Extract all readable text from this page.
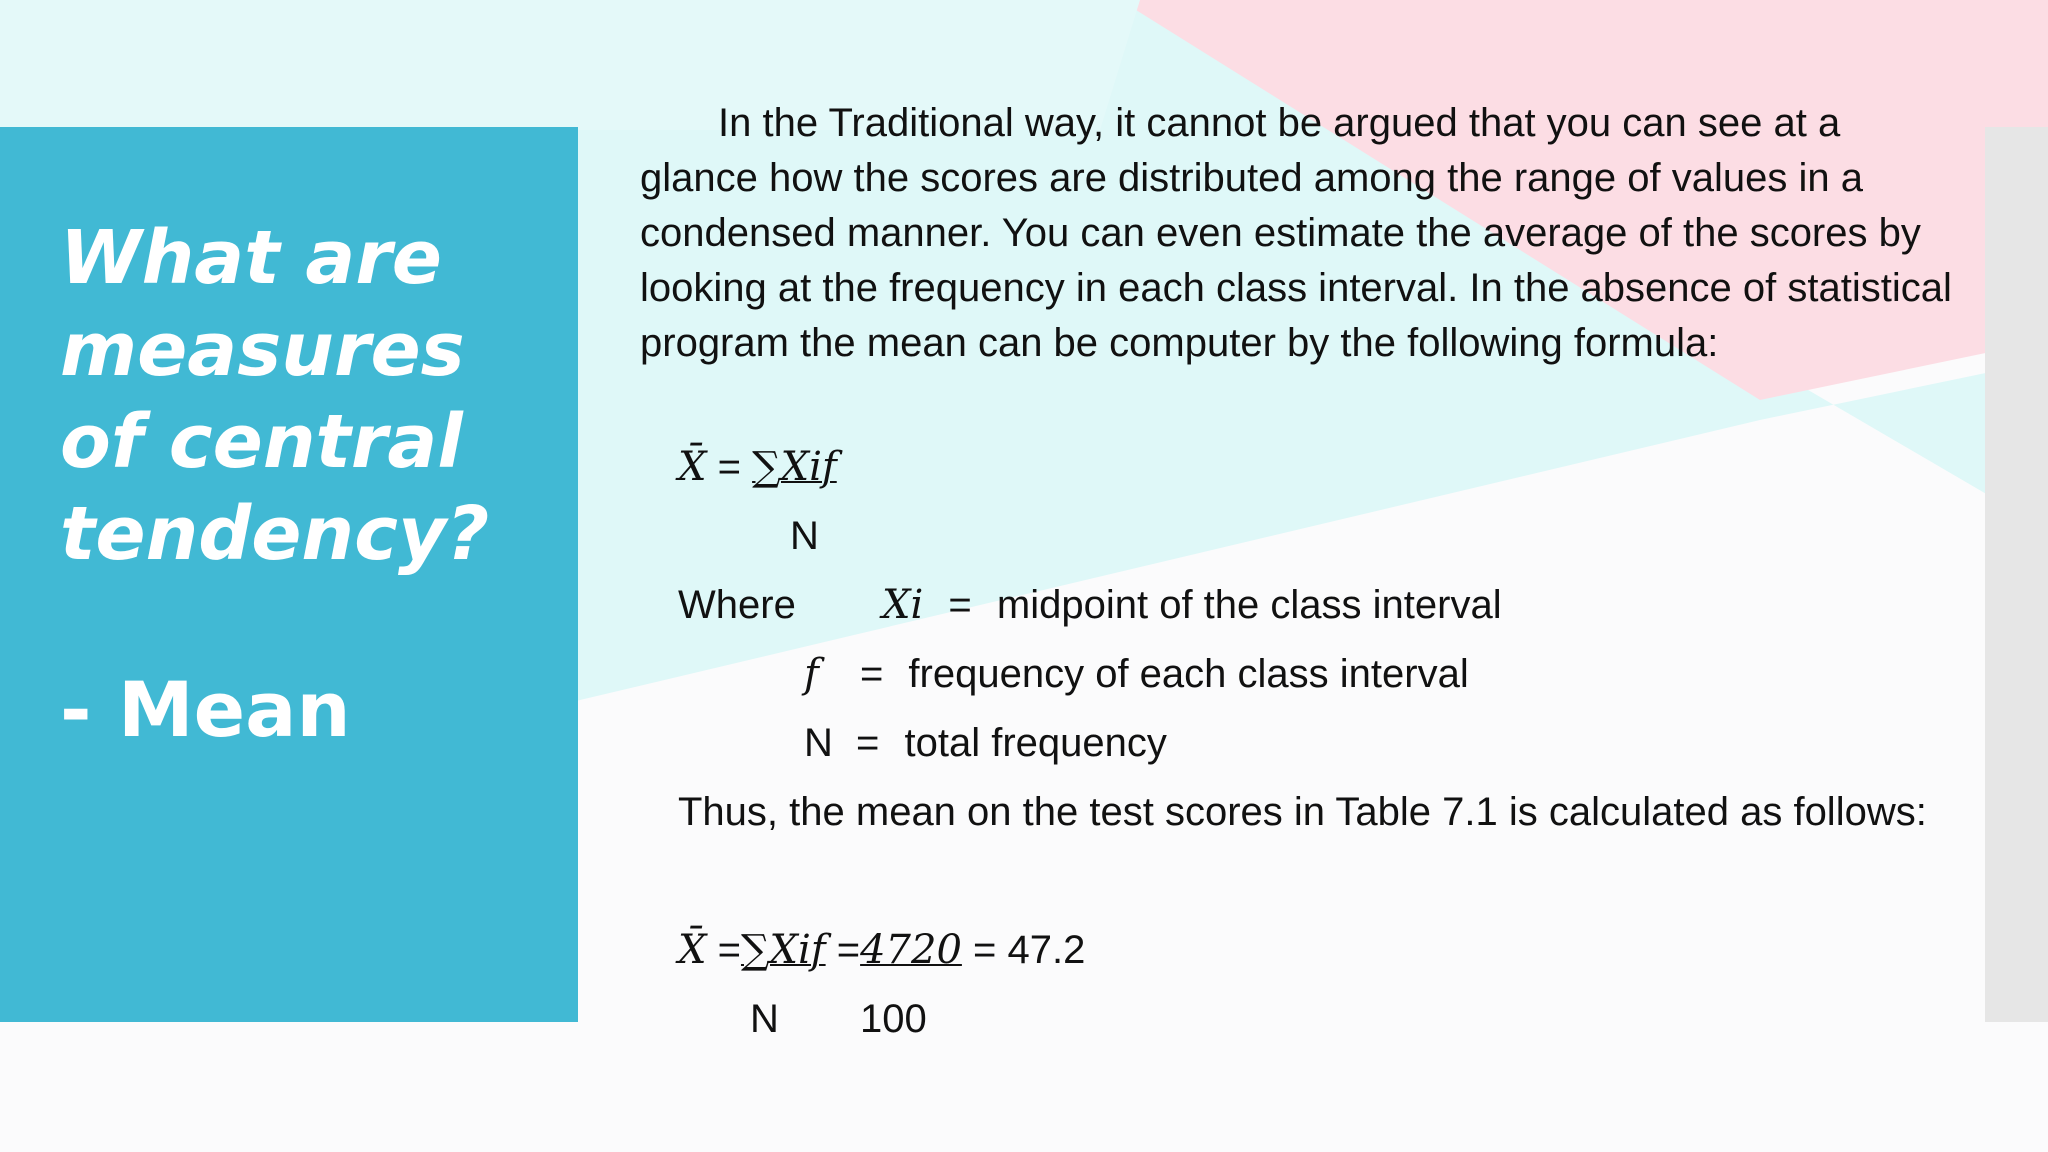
What are measures of central tendency?
- Mean

In the Traditional way, it cannot be argued that you can see at a glance how the scores are distributed among the range of values in a condensed manner. You can even estimate the average of the scores by looking at the frequency in each class interval. In the absence of statistical program the mean can be computer by the following formula:

X̄ = ∑Xif
N
Where Xi = midpoint of the class interval
f = frequency of each class interval
N = total frequency
Thus, the mean on the test scores in Table 7.1 is calculated as follows:
X̄ =∑Xif =4720 = 47.2
N 100
